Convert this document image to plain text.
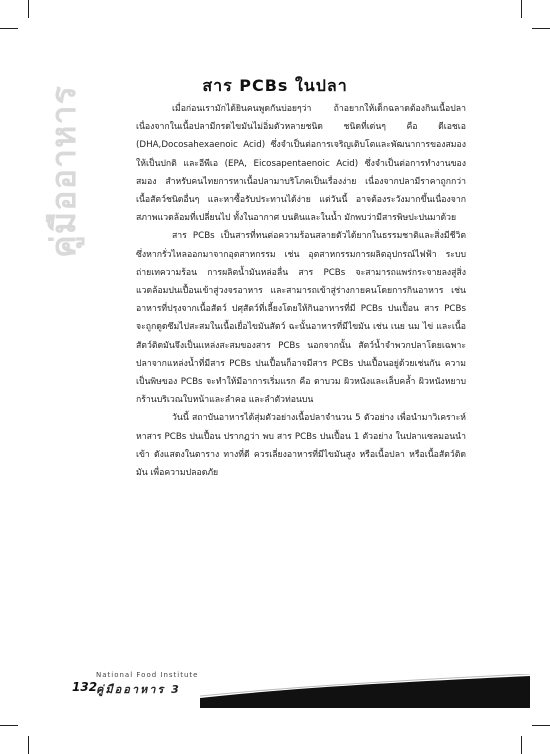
คู่มืออาหาร	สาร PCBs ในปลา

เมื่อก่อนเรามักได้ยินคนพูดกันบ่อยๆว่า ถ้าอยากให้เด็กฉลาดต้องกินเนื้อปลาเนื่องจากในเนื้อปลามีกรดไขมันไม่อิ่มตัวหลายชนิด ชนิดที่เด่นๆ คือ ดีเอชเอ (DHA,Docosahexaenoic Acid) ซึ่งจำเป็นต่อการเจริญเติบโตและพัฒนาการของสมองให้เป็นปกติ และอีพีเอ (EPA, Eicosapentaenoic Acid) ซึ่งจำเป็นต่อการทำงานของสมอง สำหรับคนไทยการหาเนื้อปลามาบริโภคเป็นเรื่องง่าย เนื่องจากปลามีราคาถูกกว่าเนื้อสัตว์ชนิดอื่นๆ และหาซื้อรับประทานได้ง่าย แต่วันนี้ อาจต้องระวังมากขึ้นเนื่องจากสภาพแวดล้อมที่เปลี่ยนไป ทั้งในอากาศ บนดินและในน้ำ มักพบว่ามีสารพิษปะปนมาด้วย

สาร PCBs เป็นสารที่ทนต่อความร้อนสลายตัวได้ยากในธรรมชาติและสิ่งมีชีวิต ซึ่งหากรั่วไหลออกมาจากอุตสาหกรรม เช่น อุตสาหกรรมการผลิตอุปกรณ์ไฟฟ้า ระบบถ่ายเทความร้อน การผลิตน้ำมันหล่อลื่น สาร PCBs จะสามารถแพร่กระจายลงสู่สิ่งแวดล้อมปนเปื้อนเข้าสู่วงจรอาหาร และสามารถเข้าสู่ร่างกายคนโดยการกินอาหาร เช่น อาหารที่ปรุงจากเนื้อสัตว์ ปศุสัตว์ที่เลี้ยงโดยให้กินอาหารที่มี PCBs ปนเปื้อน สาร PCBs จะถูกดูดซึมไปสะสมในเนื้อเยื่อไขมันสัตว์ ฉะนั้นอาหารที่มีไขมัน เช่น เนย นม ไข่ และเนื้อสัตว์ติดมันจึงเป็นแหล่งสะสมของสาร PCBs นอกจากนั้น สัตว์น้ำจำพวกปลาโดยเฉพาะปลาจากแหล่งน้ำที่มีสาร PCBs ปนเปื้อนก็อาจมีสาร PCBs ปนเปื้อนอยู่ด้วยเช่นกัน ความเป็นพิษของ PCBs จะทำให้มีอาการเริ่มแรก คือ ตาบวม ผิวหนังและเล็บคล้ำ ผิวหนังหยาบกร้านบริเวณใบหน้าและลำคอ และลำตัวท่อนบน

วันนี้ สถาบันอาหารได้สุ่มตัวอย่างเนื้อปลาจำนวน 5 ตัวอย่าง เพื่อนำมาวิเคราะห์หาสาร PCBs ปนเปื้อน ปรากฏว่า พบ สาร PCBs ปนเปื้อน 1 ตัวอย่าง ในปลาแซลมอนนำเข้า ดังแสดงในตาราง ทางที่ดี ควรเลี่ยงอาหารที่มีไขมันสูง หรือเนื้อปลา หรือเนื้อสัตว์ติดมัน เพื่อความปลอดภัย

132
National Food Institute
คู่มืออาหาร 3
